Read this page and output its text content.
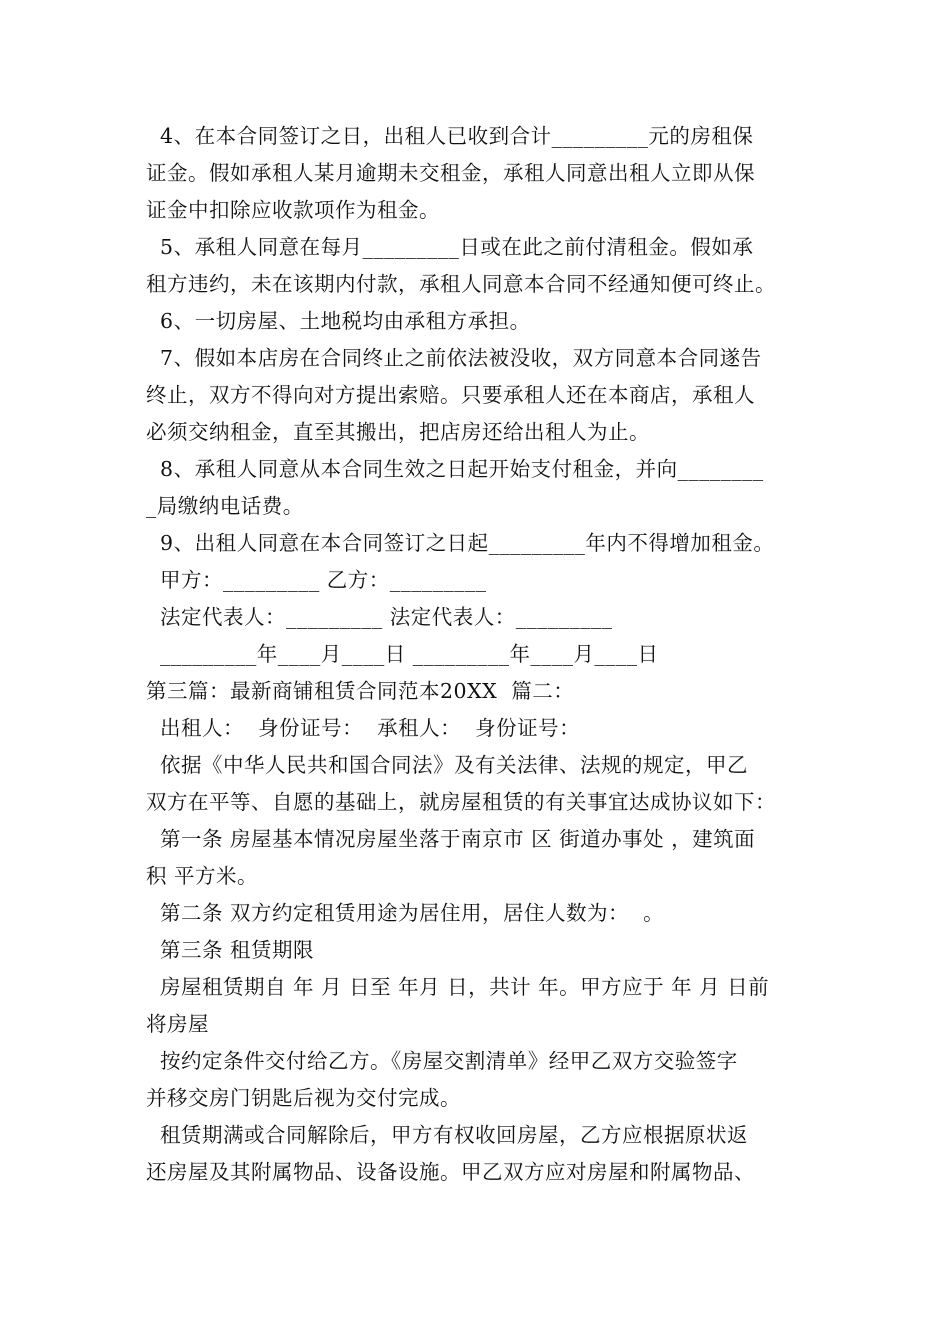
4、在本合同签订之日，出租人已收到合计_________元的房租保
证金。假如承租人某月逾期未交租金，承租人同意出租人立即从保
证金中扣除应收款项作为租金。
5、承租人同意在每月_________日或在此之前付清租金。假如承
租方违约，未在该期内付款，承租人同意本合同不经通知便可终止。
6、一切房屋、土地税均由承租方承担。
7、假如本店房在合同终止之前依法被没收，双方同意本合同遂告
终止，双方不得向对方提出索赔。只要承租人还在本商店，承租人
必须交纳租金，直至其搬出，把店房还给出租人为止。
8、承租人同意从本合同生效之日起开始支付租金，并向________
_局缴纳电话费。
9、出租人同意在本合同签订之日起_________年内不得增加租金。
甲方：_________ 乙方：_________
法定代表人：_________ 法定代表人：_________
_________年____月____日 _________年____月____日
第三篇：最新商铺租赁合同范本20XX  篇二：
出租人：  身份证号：  承租人：  身份证号：
依据《中华人民共和国合同法》及有关法律、法规的规定，甲乙
双方在平等、自愿的基础上，就房屋租赁的有关事宜达成协议如下：
第一条 房屋基本情况房屋坐落于南京市 区 街道办事处 ，建筑面
积 平方米。
第二条 双方约定租赁用途为居住用，居住人数为：  。
第三条 租赁期限
房屋租赁期自 年 月 日至 年月 日，共计 年。甲方应于 年 月 日前
将房屋
按约定条件交付给乙方。《房屋交割清单》经甲乙双方交验签字
并移交房门钥匙后视为交付完成。
租赁期满或合同解除后，甲方有权收回房屋，乙方应根据原状返
还房屋及其附属物品、设备设施。甲乙双方应对房屋和附属物品、
